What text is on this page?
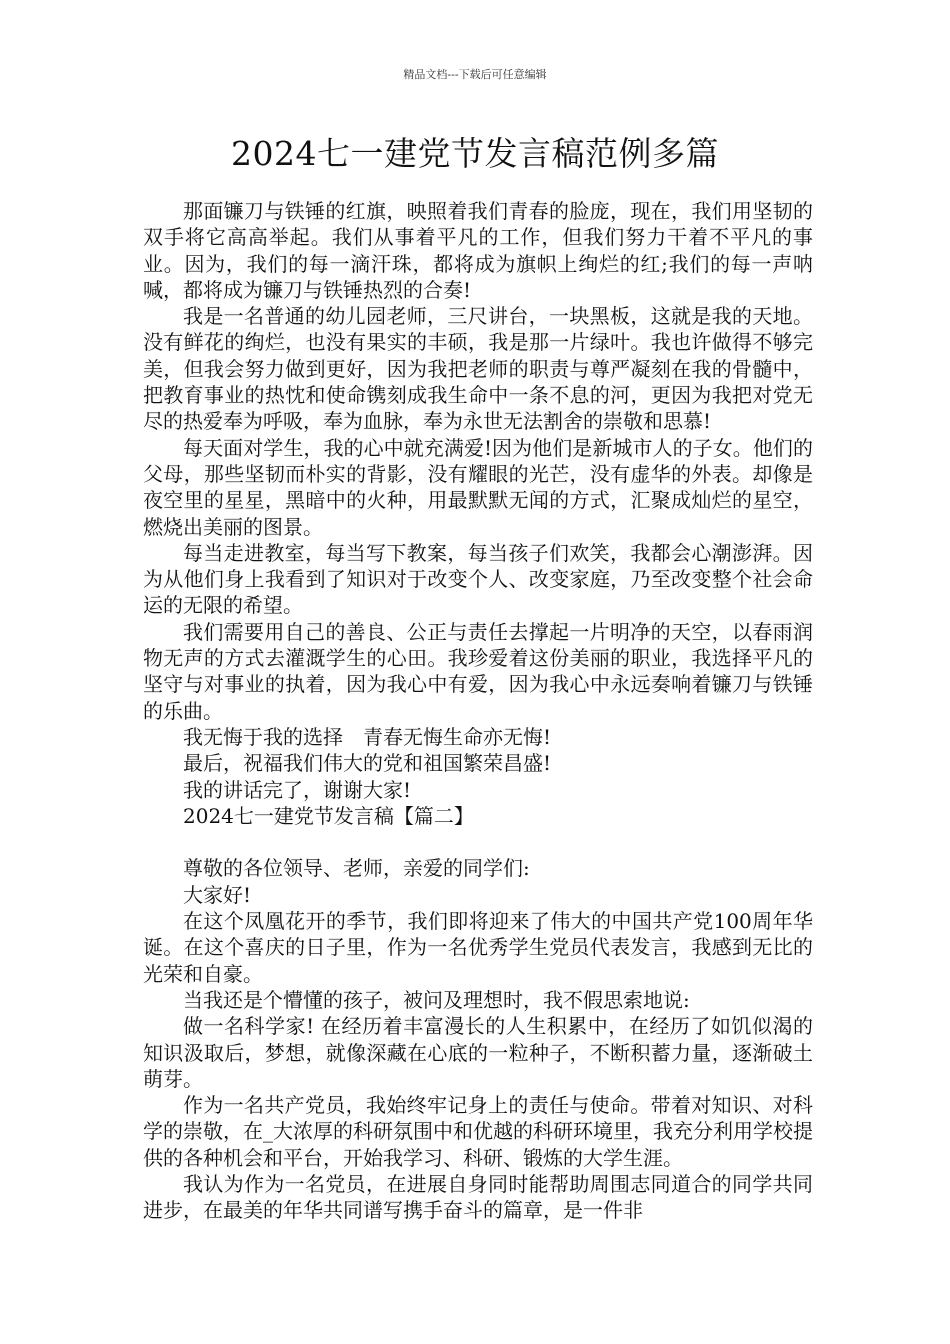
精品文档---下载后可任意编辑
2024七一建党节发言稿范例多篇

那面镰刀与铁锤的红旗，映照着我们青春的脸庞，现在，我们用坚韧的双手将它高高举起。我们从事着平凡的工作，但我们努力干着不平凡的事业。因为，我们的每一滴汗珠，都将成为旗帜上绚烂的红;我们的每一声呐喊，都将成为镰刀与铁锤热烈的合奏!

我是一名普通的幼儿园老师，三尺讲台，一块黑板，这就是我的天地。没有鲜花的绚烂，也没有果实的丰硕，我是那一片绿叶。我也许做得不够完美，但我会努力做到更好，因为我把老师的职责与尊严凝刻在我的骨髓中，把教育事业的热忱和使命镌刻成我生命中一条不息的河，更因为我把对党无尽的热爱奉为呼吸，奉为血脉，奉为永世无法割舍的崇敬和思慕!

每天面对学生，我的心中就充满爱!因为他们是新城市人的子女。他们的父母，那些坚韧而朴实的背影，没有耀眼的光芒，没有虚华的外表。却像是夜空里的星星，黑暗中的火种，用最默默无闻的方式，汇聚成灿烂的星空，燃烧出美丽的图景。

每当走进教室，每当写下教案，每当孩子们欢笑，我都会心潮澎湃。因为从他们身上我看到了知识对于改变个人、改变家庭，乃至改变整个社会命运的无限的希望。

我们需要用自己的善良、公正与责任去撑起一片明净的天空，以春雨润物无声的方式去灌溉学生的心田。我珍爱着这份美丽的职业，我选择平凡的坚守与对事业的执着，因为我心中有爱，因为我心中永远奏响着镰刀与铁锤的乐曲。

我无悔于我的选择　青春无悔生命亦无悔!

最后，祝福我们伟大的党和祖国繁荣昌盛!

我的讲话完了，谢谢大家!

2024七一建党节发言稿【篇二】

尊敬的各位领导、老师，亲爱的同学们:

大家好!

在这个凤凰花开的季节，我们即将迎来了伟大的中国共产党100周年华诞。在这个喜庆的日子里，作为一名优秀学生党员代表发言，我感到无比的光荣和自豪。

当我还是个懵懂的孩子，被问及理想时，我不假思索地说:

做一名科学家! 在经历着丰富漫长的人生积累中，在经历了如饥似渴的知识汲取后，梦想，就像深藏在心底的一粒种子，不断积蓄力量，逐渐破土萌芽。

作为一名共产党员，我始终牢记身上的责任与使命。带着对知识、对科学的崇敬，在_大浓厚的科研氛围中和优越的科研环境里，我充分利用学校提供的各种机会和平台，开始我学习、科研、锻炼的大学生涯。

我认为作为一名党员，在进展自身同时能帮助周围志同道合的同学共同进步，在最美的年华共同谱写携手奋斗的篇章，是一件非
